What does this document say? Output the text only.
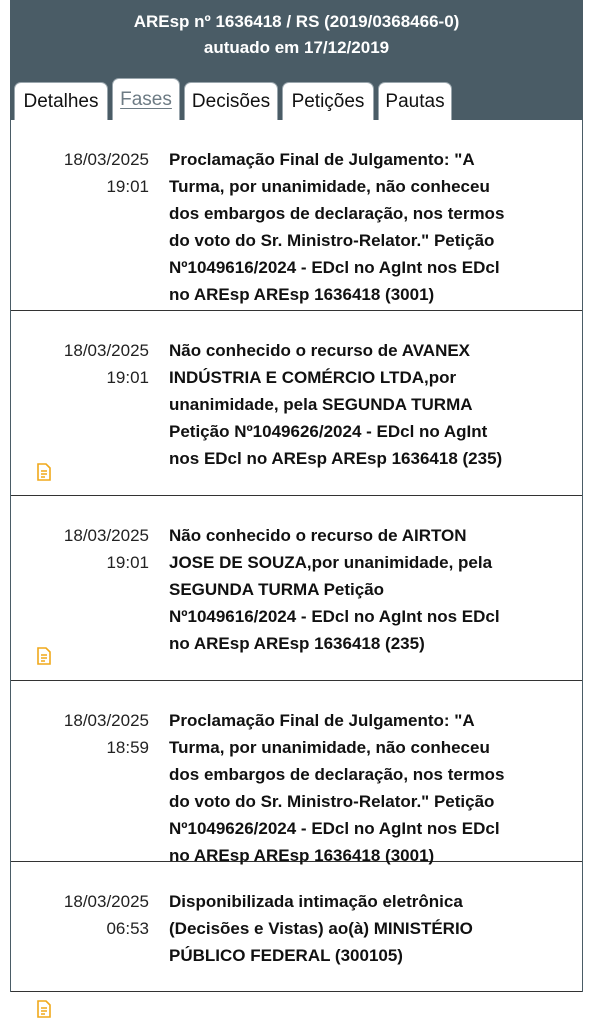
AREsp nº 1636418 / RS (2019/0368466-0)
autuado em 17/12/2019
Detalhes	Fases	Decisões	Petições	Pautas
18/03/2025
19:01
Proclamação Final de Julgamento: "A
Turma, por unanimidade, não conheceu
dos embargos de declaração, nos termos
do voto do Sr. Ministro-Relator." Petição
Nº1049616/2024 - EDcl no AgInt nos EDcl
no AREsp AREsp 1636418 (3001)
18/03/2025
19:01
Não conhecido o recurso de AVANEX
INDÚSTRIA E COMÉRCIO LTDA,por
unanimidade, pela SEGUNDA TURMA
Petição Nº1049626/2024 - EDcl no AgInt
nos EDcl no AREsp AREsp 1636418 (235)
18/03/2025
19:01
Não conhecido o recurso de AIRTON
JOSE DE SOUZA,por unanimidade, pela
SEGUNDA TURMA Petição
Nº1049616/2024 - EDcl no AgInt nos EDcl
no AREsp AREsp 1636418 (235)
18/03/2025
18:59
Proclamação Final de Julgamento: "A
Turma, por unanimidade, não conheceu
dos embargos de declaração, nos termos
do voto do Sr. Ministro-Relator." Petição
Nº1049626/2024 - EDcl no AgInt nos EDcl
no AREsp AREsp 1636418 (3001)
18/03/2025
06:53
Disponibilizada intimação eletrônica
(Decisões e Vistas) ao(à) MINISTÉRIO
PÚBLICO FEDERAL (300105)
